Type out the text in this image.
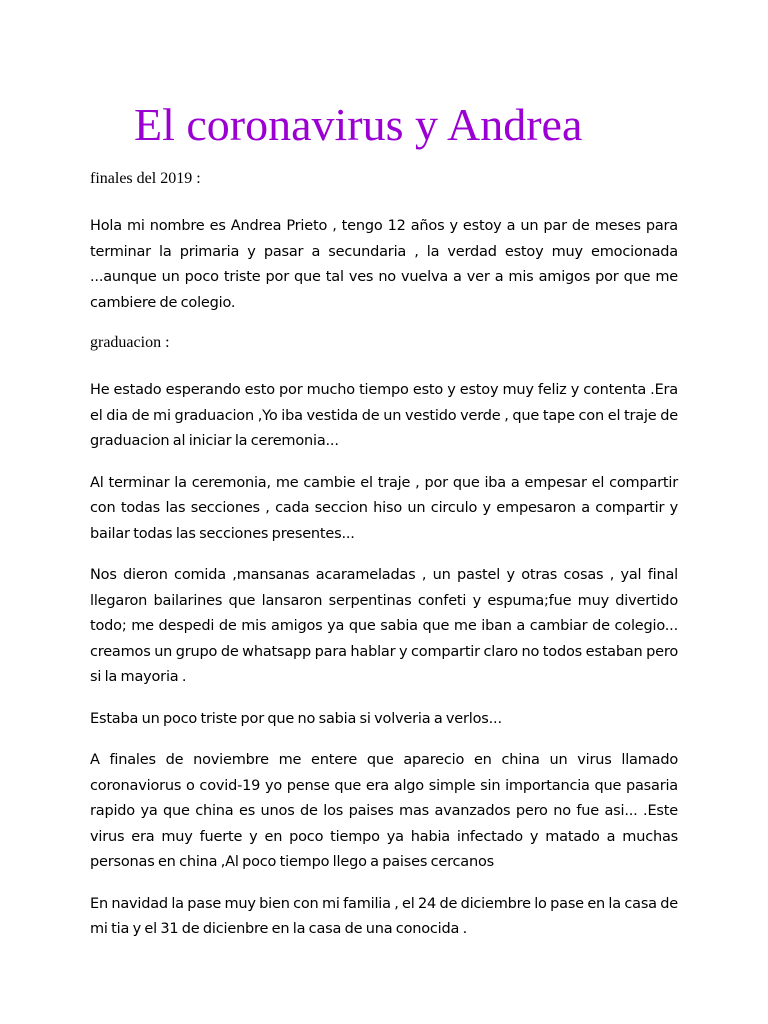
El coronavirus y Andrea

finales del 2019 :

Hola mi nombre es Andrea Prieto , tengo 12 años y estoy a un par de meses para terminar la primaria y pasar a secundaria , la verdad estoy muy emocionada ...aunque un poco triste por que tal ves no vuelva a ver a mis amigos por que me cambiere de colegio.

graduacion :

He estado esperando esto por mucho tiempo esto y estoy muy feliz y contenta .Era el dia de mi graduacion ,Yo iba vestida de un vestido verde , que tape con el traje de graduacion al iniciar la ceremonia...

Al terminar la ceremonia, me cambie el traje , por que iba a empesar el compartir con todas las secciones , cada seccion hiso un circulo y empesaron a compartir y bailar todas las secciones presentes...

Nos dieron comida ,mansanas acarameladas , un pastel y otras cosas , yal final llegaron bailarines que lansaron serpentinas confeti y espuma;fue muy divertido todo; me despedi de mis amigos ya que sabia que me iban a cambiar de colegio... creamos un grupo de whatsapp para hablar y compartir claro no todos estaban pero si la mayoria .

Estaba un poco triste por que no sabia si volveria a verlos...

A finales de noviembre me entere que aparecio en china un virus llamado coronaviorus o covid-19 yo pense que era algo simple sin importancia que pasaria rapido ya que china es unos de los paises mas avanzados pero no fue asi... .Este virus era muy fuerte y en poco tiempo ya habia infectado y matado a muchas personas en china ,Al poco tiempo llego a paises cercanos

En navidad la pase muy bien con mi familia , el 24 de diciembre lo pase en la casa de mi tia y el 31 de dicienbre en la casa de una conocida .
